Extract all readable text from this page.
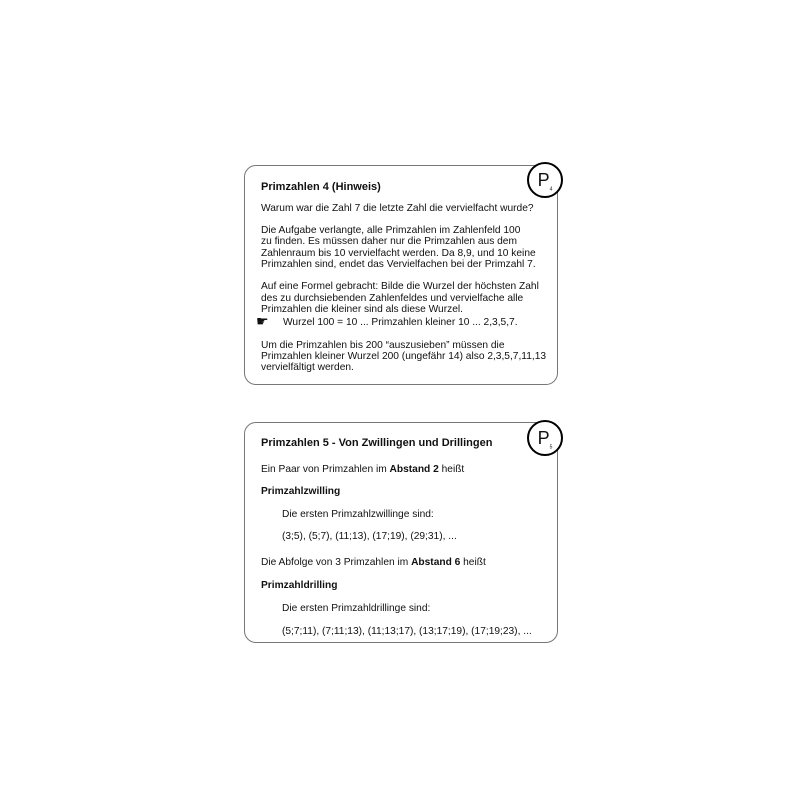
$P_4$
Primzahlen 4 (Hinweis)
Warum war die Zahl 7 die letzte Zahl die vervielfacht wurde?
Die Aufgabe verlangte, alle Primzahlen im Zahlenfeld 100
zu finden. Es müssen daher nur die Primzahlen aus dem
Zahlenraum bis 10 vervielfacht werden. Da 8,9, und 10 keine
Primzahlen sind, endet das Vervielfachen bei der Primzahl 7.
Auf eine Formel gebracht: Bilde die Wurzel der höchsten Zahl
des zu durchsiebenden Zahlenfeldes und vervielfache alle
Primzahlen die kleiner sind als diese Wurzel.
☛ Wurzel 100 = 10 ... Primzahlen kleiner 10 ... 2,3,5,7.
Um die Primzahlen bis 200 “auszusieben” müssen die
Primzahlen kleiner Wurzel 200 (ungefähr 14) also 2,3,5,7,11,13
vervielfältigt werden.
$P_5$
Primzahlen 5 - Von Zwillingen und Drillingen
Ein Paar von Primzahlen im Abstand 2 heißt
Primzahlzwilling
Die ersten Primzahlzwillinge sind:
(3;5), (5;7), (11;13), (17;19), (29;31), ...
Die Abfolge von 3 Primzahlen im Abstand 6 heißt
Primzahldrilling
Die ersten Primzahldrillinge sind:
(5;7;11), (7;11;13), (11;13;17), (13;17;19), (17;19;23), ...
